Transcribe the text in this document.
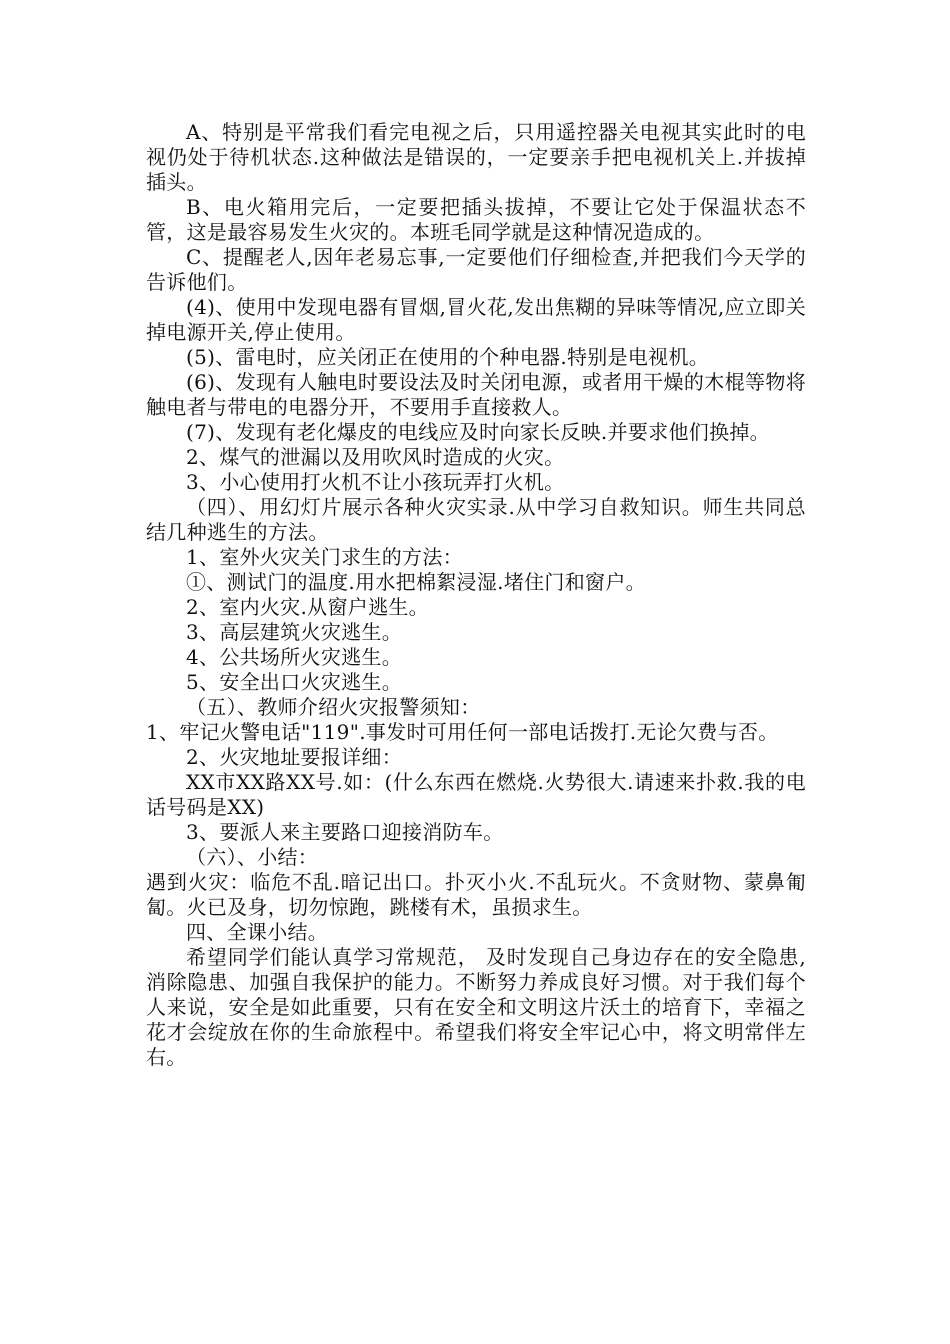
A、特别是平常我们看完电视之后，只用遥控器关电视其实此时的电视仍处于待机状态.这种做法是错误的，一定要亲手把电视机关上.并拔掉插头。

B、电火箱用完后，一定要把插头拔掉，不要让它处于保温状态不管，这是最容易发生火灾的。本班毛同学就是这种情况造成的。

C、提醒老人,因年老易忘事,一定要他们仔细检查,并把我们今天学的告诉他们。

(4)、使用中发现电器有冒烟,冒火花,发出焦糊的异味等情况,应立即关掉电源开关,停止使用。

(5)、雷电时，应关闭正在使用的个种电器.特别是电视机。

(6)、发现有人触电时要设法及时关闭电源，或者用干燥的木棍等物将触电者与带电的电器分开，不要用手直接救人。

(7)、发现有老化爆皮的电线应及时向家长反映.并要求他们换掉。

2、煤气的泄漏以及用吹风时造成的火灾。

3、小心使用打火机不让小孩玩弄打火机。

（四）、用幻灯片展示各种火灾实录.从中学习自救知识。师生共同总结几种逃生的方法。

1、室外火灾关门求生的方法：

①、测试门的温度.用水把棉絮浸湿.堵住门和窗户。

2、室内火灾.从窗户逃生。

3、高层建筑火灾逃生。

4、公共场所火灾逃生。

5、安全出口火灾逃生。

（五）、教师介绍火灾报警须知：

1、牢记火警电话"119".事发时可用任何一部电话拨打.无论欠费与否。

2、火灾地址要报详细：

XX市XX路XX号.如：(什么东西在燃烧.火势很大.请速来扑救.我的电话号码是XX)

3、要派人来主要路口迎接消防车。

（六）、小结：

遇到火灾：临危不乱.暗记出口。扑灭小火.不乱玩火。不贪财物、蒙鼻匍匐。火已及身，切勿惊跑，跳楼有术，虽损求生。

四、全课小结。

希望同学们能认真学习常规范， 及时发现自己身边存在的安全隐患,消除隐患、加强自我保护的能力。不断努力养成良好习惯。对于我们每个人来说，安全是如此重要，只有在安全和文明这片沃土的培育下，幸福之花才会绽放在你的生命旅程中。希望我们将安全牢记心中，将文明常伴左右。
